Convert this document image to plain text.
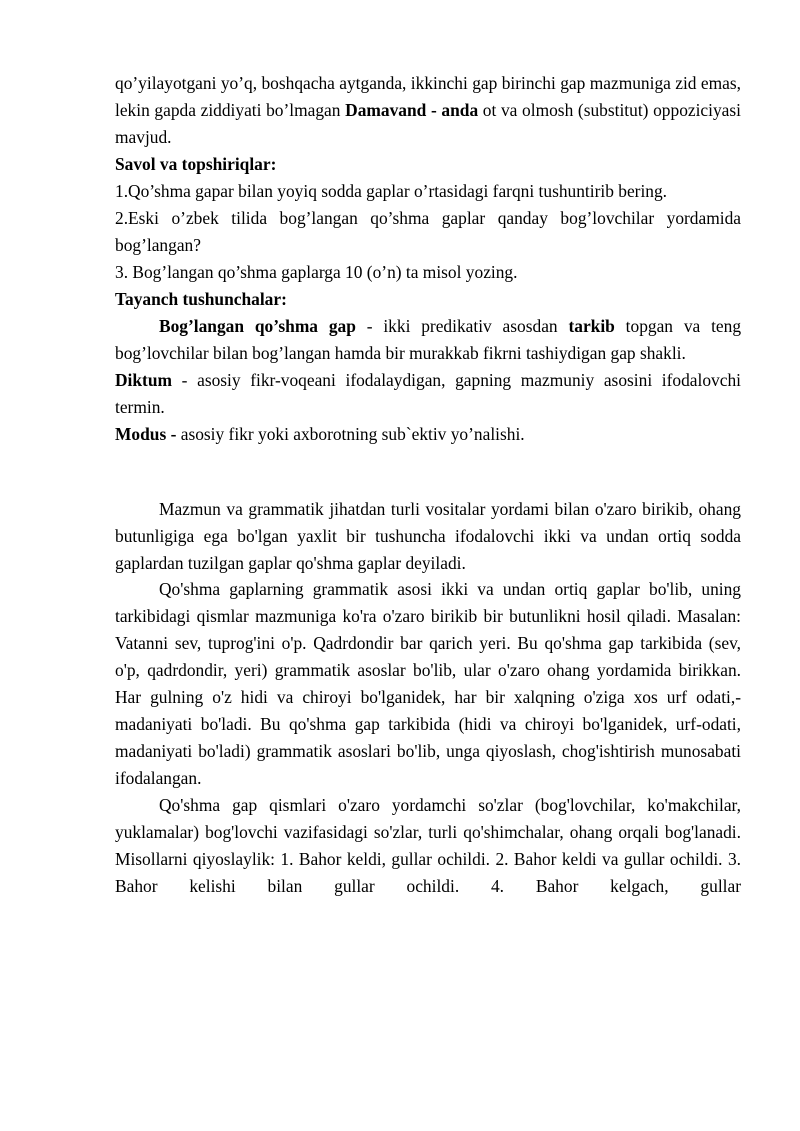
qo’yilayotgani yo’q, boshqacha aytganda, ikkinchi gap birinchi gap mazmuniga zid emas, lekin gapda ziddiyati bo’lmagan Damavand - anda ot va olmosh (substitut) oppoziciyasi mavjud.

Savol va topshiriqlar:

1.Qo’shma gapar bilan yoyiq sodda gaplar o’rtasidagi farqni tushuntirib bering.

2.Eski o’zbek tilida bog’langan qo’shma gaplar qanday bog’lovchilar yordamida bog’langan?

3. Bog’langan qo’shma gaplarga 10 (o’n) ta misol yozing.

Tayanch tushunchalar:

Bog’langan qo’shma gap - ikki predikativ asosdan tarkib topgan va teng bog’lovchilar bilan bog’langan hamda bir murakkab fikrni tashiydigan gap shakli.

Diktum - asosiy fikr-voqeani ifodalaydigan, gapning mazmuniy asosini ifodalovchi termin.

Modus - asosiy fikr yoki axborotning sub`ektiv yo’nalishi.

Mazmun va grammatik jihatdan turli vositalar yordami bilan o'zaro birikib, ohang butunligiga ega bo'lgan yaxlit bir tushuncha ifodalovchi ikki va undan ortiq sodda gaplardan tuzilgan gaplar qo'shma gaplar deyiladi.

Qo'shma gaplarning grammatik asosi ikki va undan ortiq gaplar bo'lib, uning tarkibidagi qismlar mazmuniga ko'ra o'zaro birikib bir butunlikni hosil qiladi. Masalan: Vatanni sev, tuprog'ini o'p. Qadrdondir bar qarich yeri. Bu qo'shma gap tarkibida (sev, o'p, qadrdondir, yeri) grammatik asoslar bo'lib, ular o'zaro ohang yordamida birikkan. Har gulning o'z hidi va chiroyi bo'lganidek, har bir xalqning o'ziga xos urf odati,- madaniyati bo'ladi. Bu qo'shma gap tarkibida (hidi va chiroyi bo'lganidek, urf-odati, madaniyati bo'ladi) grammatik asoslari bo'lib, unga qiyoslash, chog'ishtirish munosabati ifodalangan.

Qo'shma gap qismlari o'zaro yordamchi so'zlar (bog'lovchilar, ko'makchilar, yuklamalar) bog'lovchi vazifasidagi so'zlar, turli qo'shimchalar, ohang orqali bog'lanadi. Misollarni qiyoslaylik: 1. Bahor keldi, gullar ochildi. 2. Bahor keldi va gullar ochildi. 3. Bahor kelishi bilan gullar ochildi. 4. Bahor kelgach, gullar
